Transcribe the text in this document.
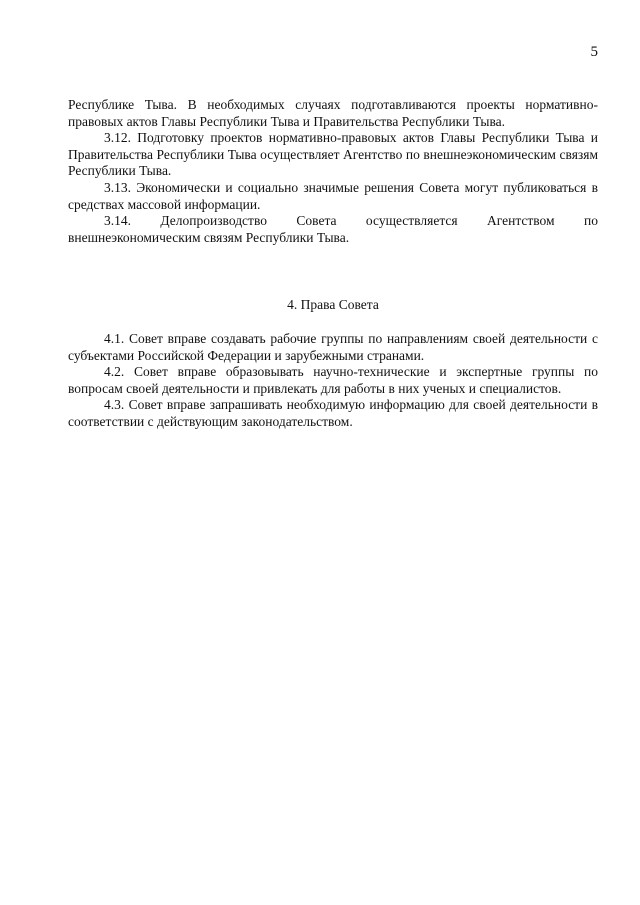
5

Республике Тыва. В необходимых случаях подготавливаются проекты нормативно-правовых актов Главы Республики Тыва и Правительства Республики Тыва.

3.12. Подготовку проектов нормативно-правовых актов Главы Республики Тыва и Правительства Республики Тыва осуществляет Агентство по внешнеэкономическим связям Республики Тыва.

3.13. Экономически и социально значимые решения Совета могут публиковаться в средствах массовой информации.

3.14. Делопроизводство Совета осуществляется Агентством по внешнеэкономическим связям Республики Тыва.

4. Права Совета

4.1. Совет вправе создавать рабочие группы по направлениям своей деятельности с субъектами Российской Федерации и зарубежными странами.

4.2. Совет вправе образовывать научно-технические и экспертные группы по вопросам своей деятельности и привлекать для работы в них ученых и специалистов.

4.3. Совет вправе запрашивать необходимую информацию для своей деятельности в соответствии с действующим законодательством.
